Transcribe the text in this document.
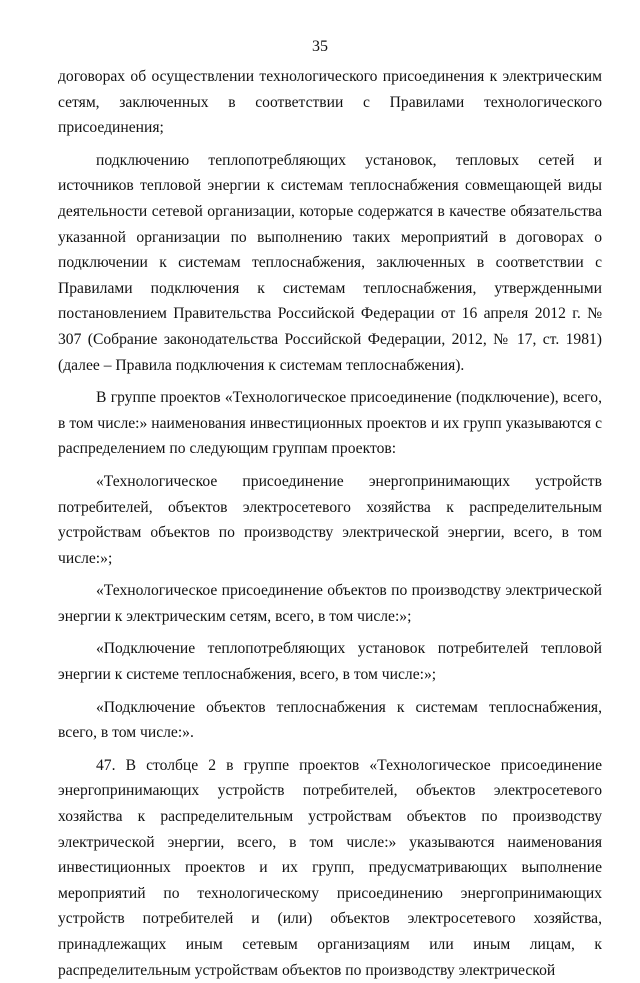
35

договорах об осуществлении технологического присоединения к электрическим сетям, заключенных в соответствии с Правилами технологического присоединения;

подключению теплопотребляющих установок, тепловых сетей и источников тепловой энергии к системам теплоснабжения совмещающей виды деятельности сетевой организации, которые содержатся в качестве обязательства указанной организации по выполнению таких мероприятий в договорах о подключении к системам теплоснабжения, заключенных в соответствии с Правилами подключения к системам теплоснабжения, утвержденными постановлением Правительства Российской Федерации от 16 апреля 2012 г. № 307 (Собрание законодательства Российской Федерации, 2012, № 17, ст. 1981) (далее – Правила подключения к системам теплоснабжения).

В группе проектов «Технологическое присоединение (подключение), всего, в том числе:» наименования инвестиционных проектов и их групп указываются с распределением по следующим группам проектов:

«Технологическое присоединение энергопринимающих устройств потребителей, объектов электросетевого хозяйства к распределительным устройствам объектов по производству электрической энергии, всего, в том числе:»;

«Технологическое присоединение объектов по производству электрической энергии к электрическим сетям, всего, в том числе:»;

«Подключение теплопотребляющих установок потребителей тепловой энергии к системе теплоснабжения, всего, в том числе:»;

«Подключение объектов теплоснабжения к системам теплоснабжения, всего, в том числе:».

47. В столбце 2 в группе проектов «Технологическое присоединение энергопринимающих устройств потребителей, объектов электросетевого хозяйства к распределительным устройствам объектов по производству электрической энергии, всего, в том числе:» указываются наименования инвестиционных проектов и их групп, предусматривающих выполнение мероприятий по технологическому присоединению энергопринимающих устройств потребителей и (или) объектов электросетевого хозяйства, принадлежащих иным сетевым организациям или иным лицам, к распределительным устройствам объектов по производству электрической
